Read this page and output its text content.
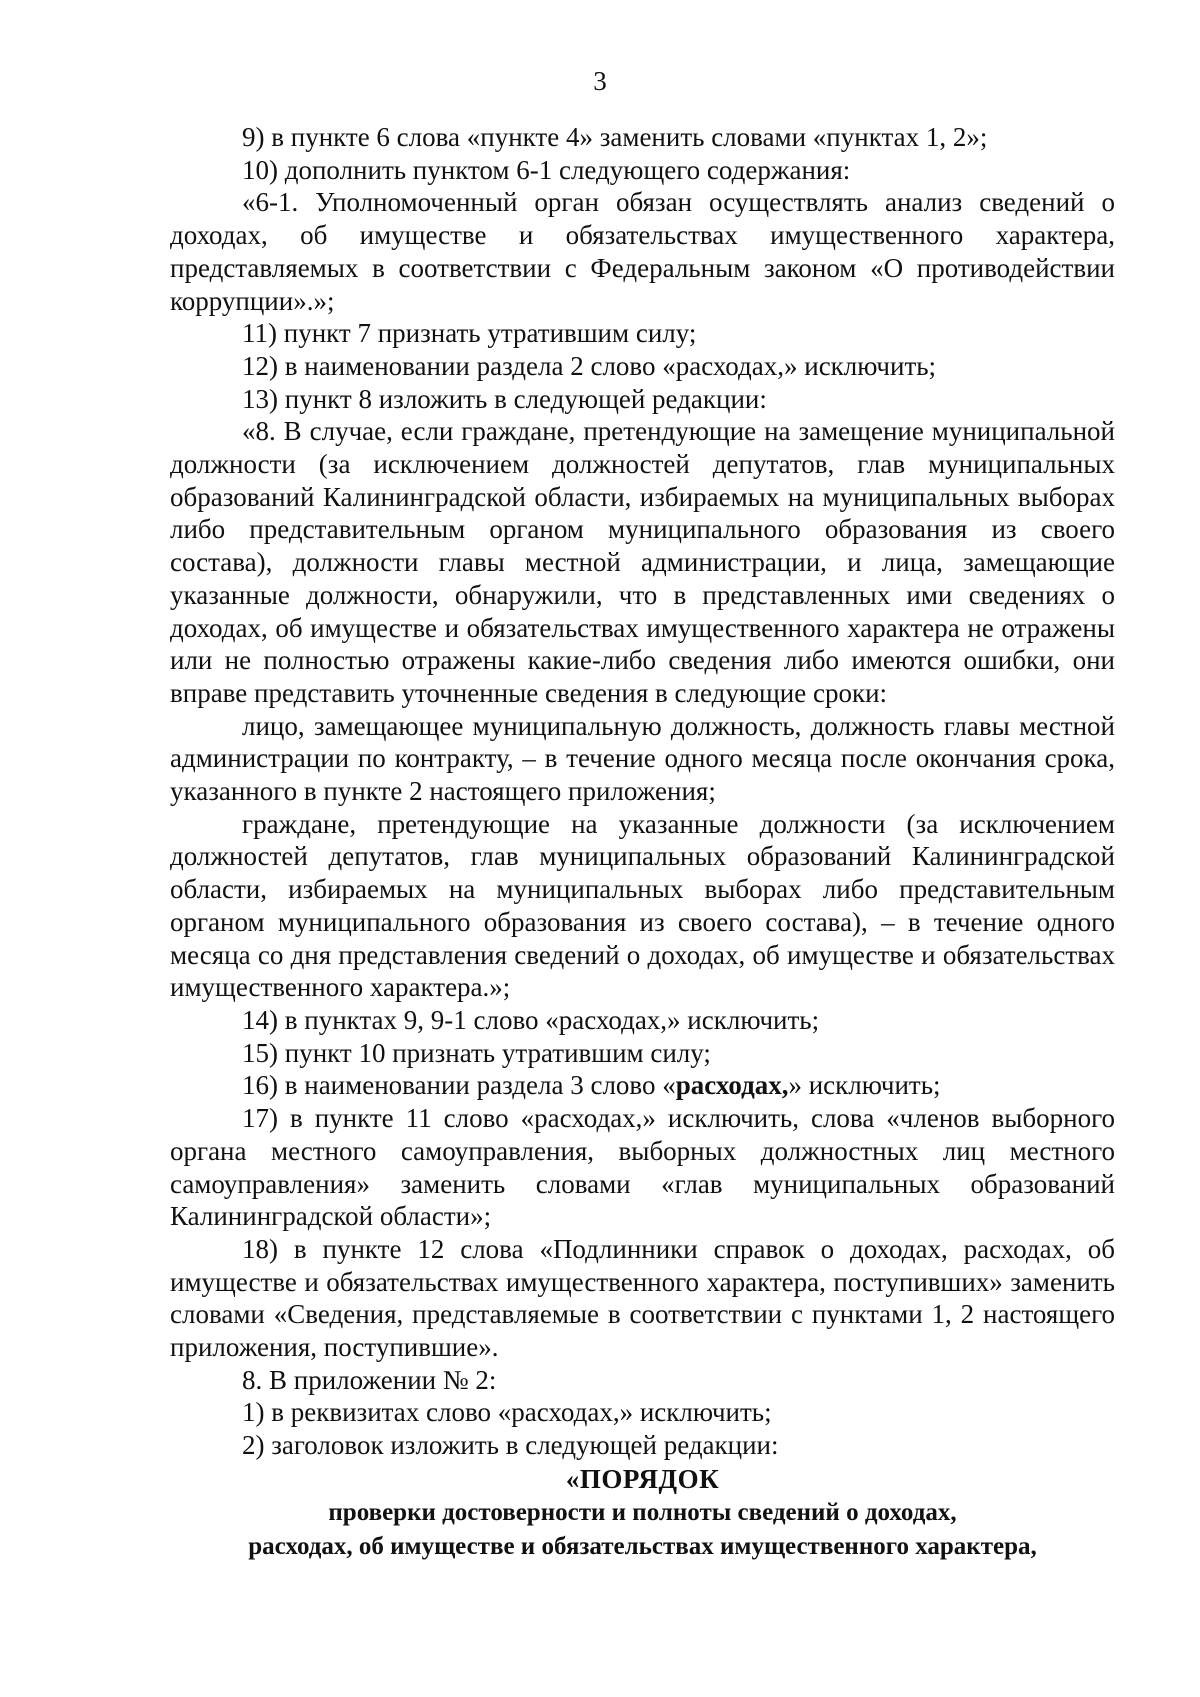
3

9) в пункте 6 слова «пункте 4» заменить словами «пунктах 1, 2»;

10) дополнить пунктом 6-1 следующего содержания:

«6-1. Уполномоченный орган обязан осуществлять анализ сведений о доходах, об имуществе и обязательствах имущественного характера, представляемых в соответствии с Федеральным законом «О противодействии коррупции».»;

11) пункт 7 признать утратившим силу;

12) в наименовании раздела 2 слово «расходах,» исключить;

13) пункт 8 изложить в следующей редакции:

«8. В случае, если граждане, претендующие на замещение муниципальной должности (за исключением должностей депутатов, глав муниципальных образований Калининградской области, избираемых на муниципальных выборах либо представительным органом муниципального образования из своего состава), должности главы местной администрации, и лица, замещающие указанные должности, обнаружили, что в представленных ими сведениях о доходах, об имуществе и обязательствах имущественного характера не отражены или не полностью отражены какие-либо сведения либо имеются ошибки, они вправе представить уточненные сведения в следующие сроки:

лицо, замещающее муниципальную должность, должность главы местной администрации по контракту, – в течение одного месяца после окончания срока, указанного в пункте 2 настоящего приложения;

граждане, претендующие на указанные должности (за исключением должностей депутатов, глав муниципальных образований Калининградской области, избираемых на муниципальных выборах либо представительным органом муниципального образования из своего состава), – в течение одного месяца со дня представления сведений о доходах, об имуществе и обязательствах имущественного характера.»;

14) в пунктах 9, 9-1 слово «расходах,» исключить;

15) пункт 10 признать утратившим силу;

16) в наименовании раздела 3 слово «расходах,» исключить;

17) в пункте 11 слово «расходах,» исключить, слова «членов выборного органа местного самоуправления, выборных должностных лиц местного самоуправления» заменить словами «глав муниципальных образований Калининградской области»;

18) в пункте 12 слова «Подлинники справок о доходах, расходах, об имуществе и обязательствах имущественного характера, поступивших» заменить словами «Сведения, представляемые в соответствии с пунктами 1, 2 настоящего приложения, поступившие».

8. В приложении № 2:

1) в реквизитах слово «расходах,» исключить;

2) заголовок изложить в следующей редакции:

«ПОРЯДОК

проверки достоверности и полноты сведений о доходах,

расходах, об имуществе и обязательствах имущественного характера,
